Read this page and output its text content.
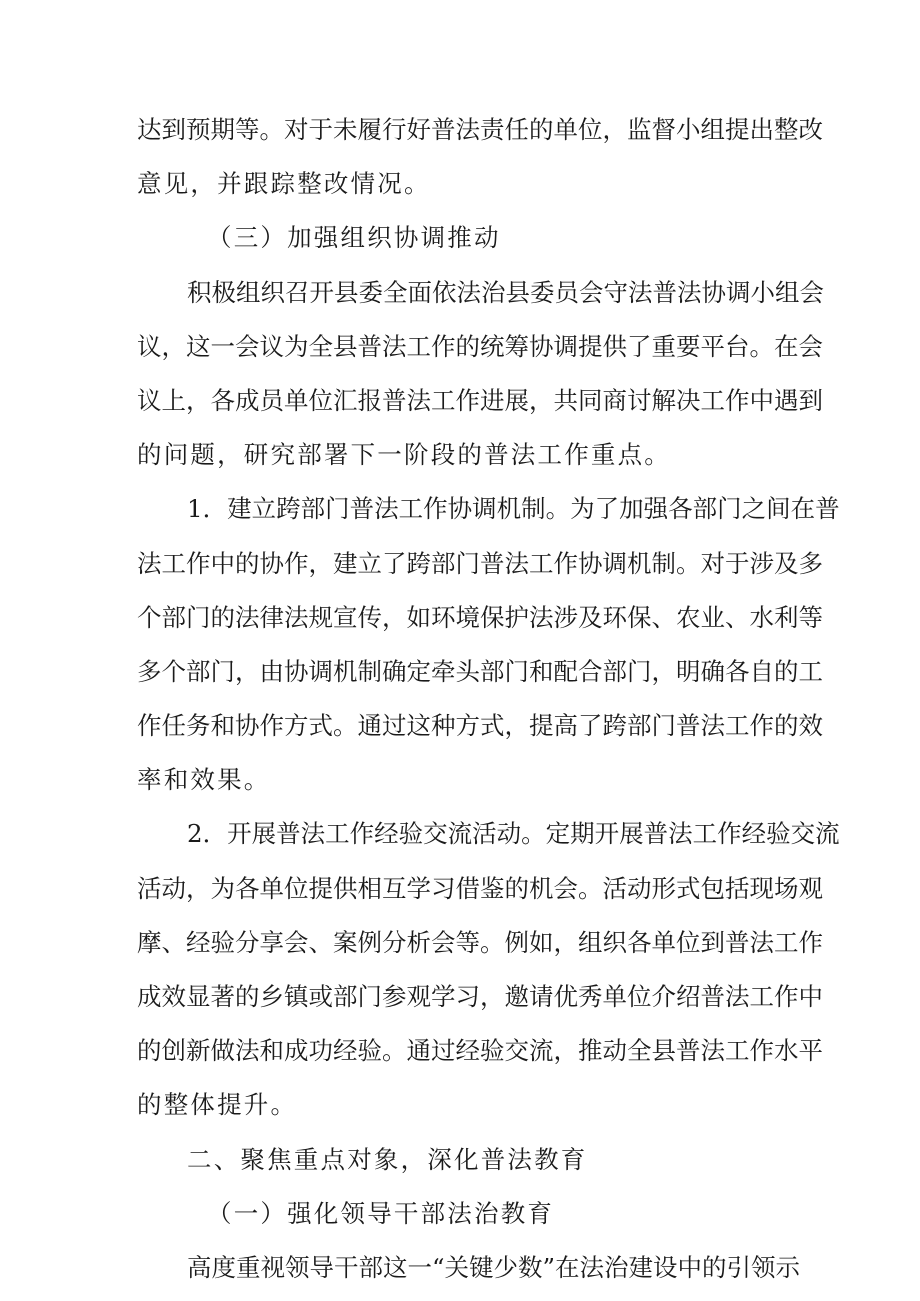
达到预期等。对于未履行好普法责任的单位，监督小组提出整改
意见，并跟踪整改情况。
（三）加强组织协调推动
积极组织召开县委全面依法治县委员会守法普法协调小组会
议，这一会议为全县普法工作的统筹协调提供了重要平台。在会
议上，各成员单位汇报普法工作进展，共同商讨解决工作中遇到
的问题，研究部署下一阶段的普法工作重点。
1．建立跨部门普法工作协调机制。为了加强各部门之间在普
法工作中的协作，建立了跨部门普法工作协调机制。对于涉及多
个部门的法律法规宣传，如环境保护法涉及环保、农业、水利等
多个部门，由协调机制确定牵头部门和配合部门，明确各自的工
作任务和协作方式。通过这种方式，提高了跨部门普法工作的效
率和效果。
2．开展普法工作经验交流活动。定期开展普法工作经验交流
活动，为各单位提供相互学习借鉴的机会。活动形式包括现场观
摩、经验分享会、案例分析会等。例如，组织各单位到普法工作
成效显著的乡镇或部门参观学习，邀请优秀单位介绍普法工作中
的创新做法和成功经验。通过经验交流，推动全县普法工作水平
的整体提升。
二、聚焦重点对象，深化普法教育
（一）强化领导干部法治教育
高度重视领导干部这一“关键少数”在法治建设中的引领示
